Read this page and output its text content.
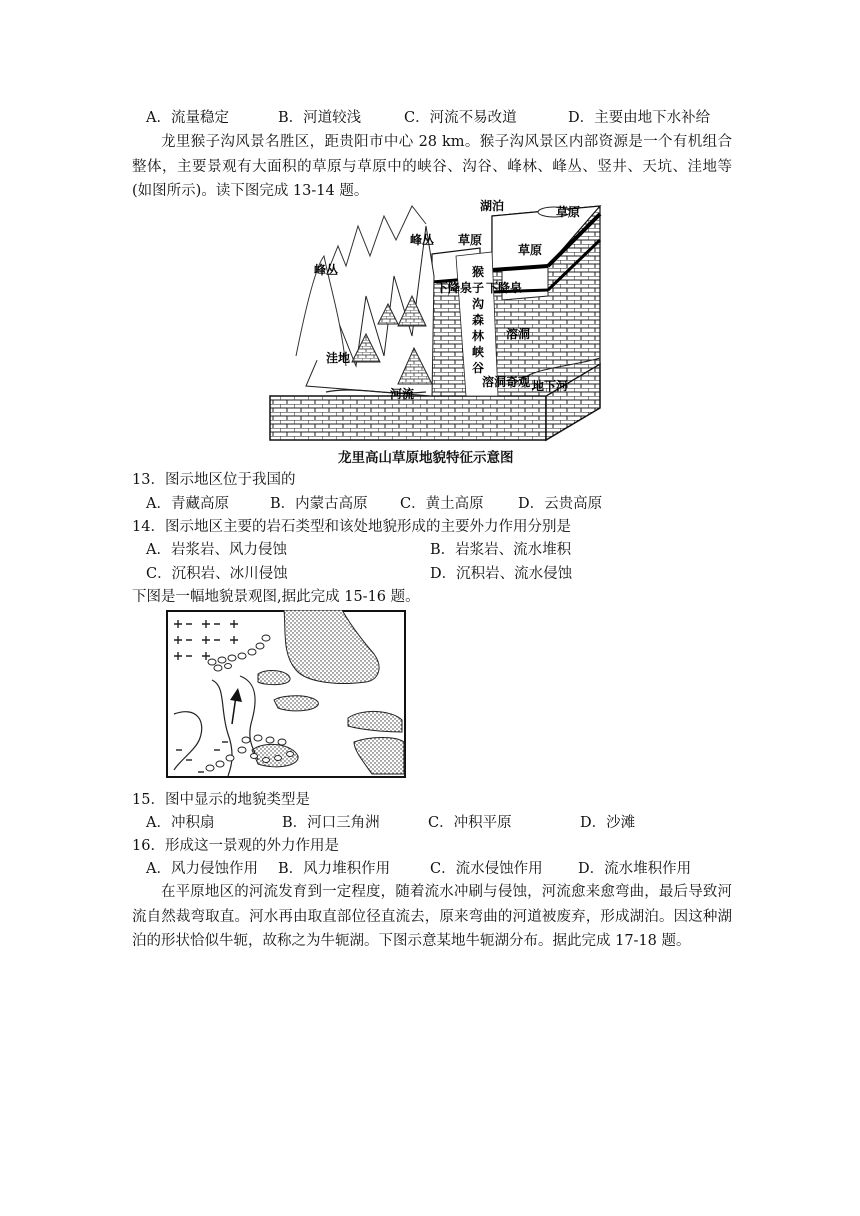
A．流量稳定	B．河道较浅	C．河流不易改道	D．主要由地下水补给
龙里猴子沟风景名胜区，距贵阳市中心 28 km。猴子沟风景区内部资源是一个有机组合整体，主要景观有大面积的草原与草原中的峡谷、沟谷、峰林、峰丛、竖井、天坑、洼地等(如图所示)。读下图完成 13-14 题。
湖泊	草原
草原
草原
峰丛
峰丛
洼地
河流
猴
下降泉子 下降泉
沟
森
林
峡
谷
溶洞
溶洞奇观 地下河
龙里高山草原地貌特征示意图
13．图示地区位于我国的
A．青藏高原	B．内蒙古高原 C．黄土高原 D．云贵高原
14．图示地区主要的岩石类型和该处地貌形成的主要外力作用分别是
A．岩浆岩、风力侵蚀	B．岩浆岩、流水堆积
C．沉积岩、冰川侵蚀	D．沉积岩、流水侵蚀
下图是一幅地貌景观图,据此完成 15-16 题。
15．图中显示的地貌类型是
A．冲积扇	B．河口三角洲	C．冲积平原	D．沙滩
16．形成这一景观的外力作用是
A．风力侵蚀作用 B．风力堆积作用	C．流水侵蚀作用 D．流水堆积作用
在平原地区的河流发育到一定程度，随着流水冲刷与侵蚀，河流愈来愈弯曲，最后导致河流自然裁弯取直。河水再由取直部位径直流去，原来弯曲的河道被废弃，形成湖泊。因这种湖泊的形状恰似牛轭，故称之为牛轭湖。下图示意某地牛轭湖分布。据此完成 17-18 题。
